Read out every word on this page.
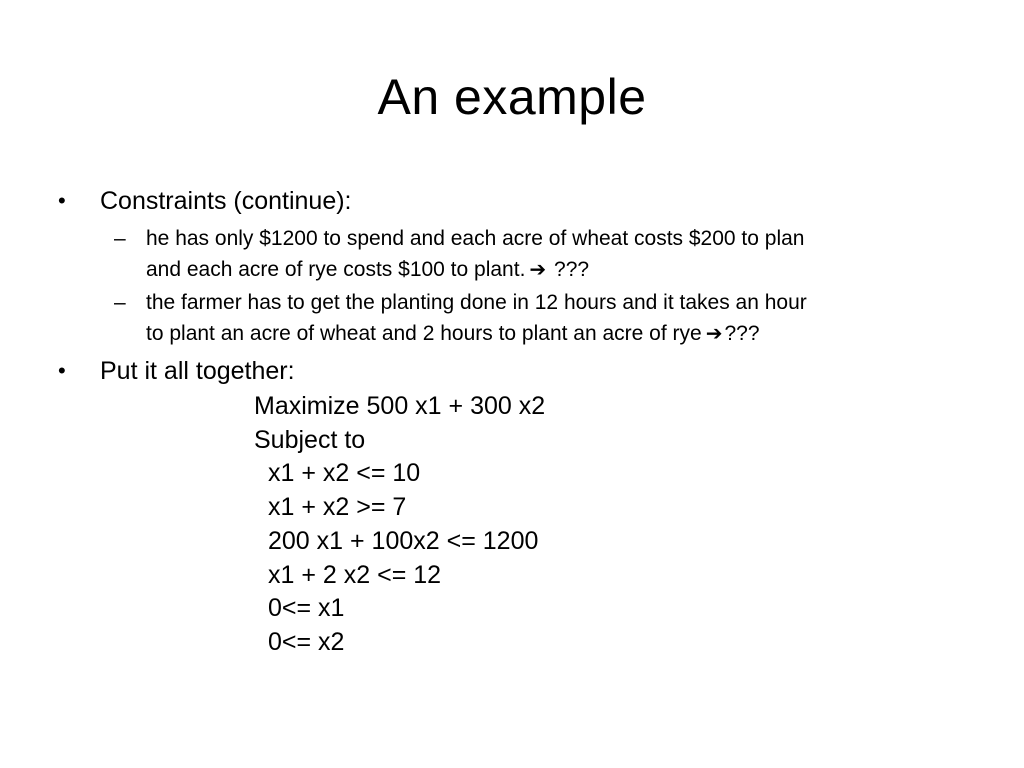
An example
•	Constraints (continue):
– he has only $1200 to spend and each acre of wheat costs $200 to plan
and each acre of rye costs $100 to plant. ➔ ???
– the farmer has to get the planting done in 12 hours and it takes an hour
to plant an acre of wheat and 2 hours to plant an acre of rye ➔???
•	Put it all together:
Maximize 500 x1 + 300 x2
Subject to
x1 + x2 <= 10
x1 + x2 >= 7
200 x1 + 100x2 <= 1200
x1 + 2 x2 <= 12
0<= x1
0<= x2
